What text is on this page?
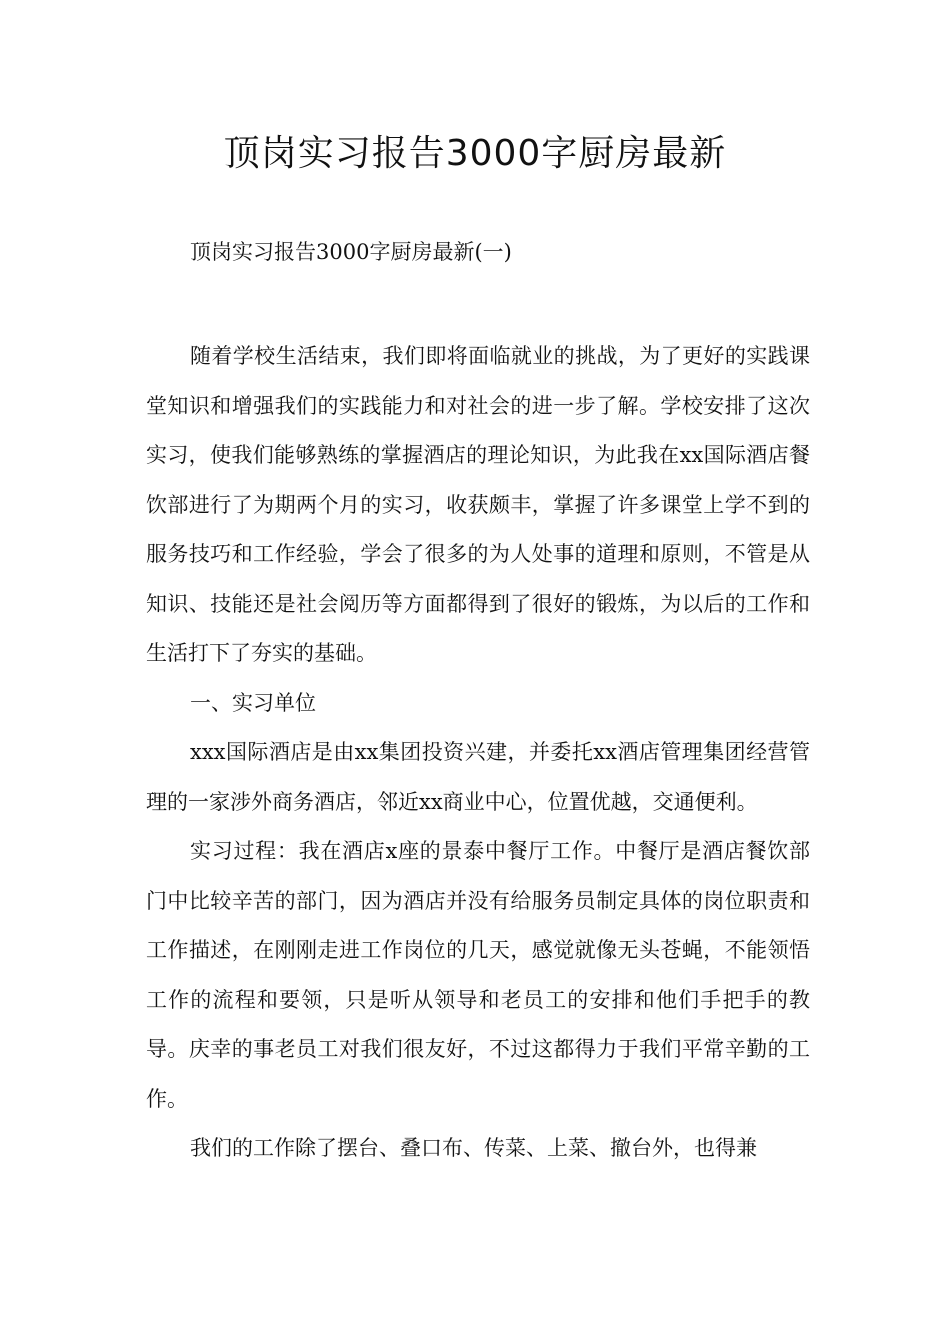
顶岗实习报告3000字厨房最新

顶岗实习报告3000字厨房最新(一)

随着学校生活结束，我们即将面临就业的挑战，为了更好的实践课堂知识和增强我们的实践能力和对社会的进一步了解。学校安排了这次实习，使我们能够熟练的掌握酒店的理论知识，为此我在xx国际酒店餐饮部进行了为期两个月的实习，收获颇丰，掌握了许多课堂上学不到的服务技巧和工作经验，学会了很多的为人处事的道理和原则，不管是从知识、技能还是社会阅历等方面都得到了很好的锻炼，为以后的工作和生活打下了夯实的基础。

一、实习单位

xxx国际酒店是由xx集团投资兴建，并委托xx酒店管理集团经营管理的一家涉外商务酒店，邻近xx商业中心，位置优越，交通便利。

实习过程：我在酒店x座的景泰中餐厅工作。中餐厅是酒店餐饮部门中比较辛苦的部门，因为酒店并没有给服务员制定具体的岗位职责和工作描述，在刚刚走进工作岗位的几天，感觉就像无头苍蝇，不能领悟工作的流程和要领，只是听从领导和老员工的安排和他们手把手的教导。庆幸的事老员工对我们很友好，不过这都得力于我们平常辛勤的工作。

我们的工作除了摆台、叠口布、传菜、上菜、撤台外，也得兼
